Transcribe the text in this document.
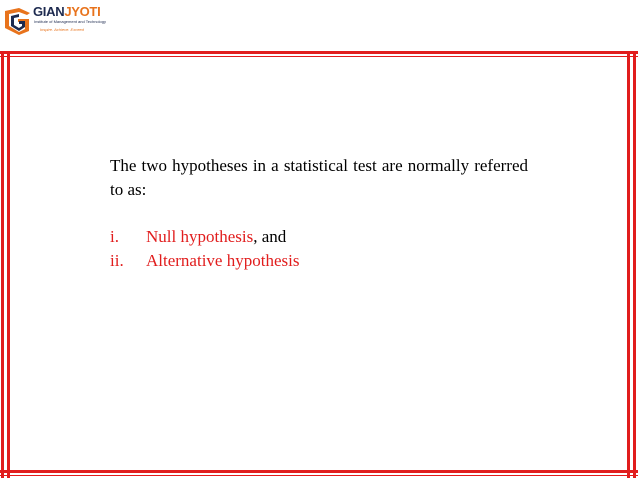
GIANJYOTI
Institute of Management and Technology
Inspire. Achieve. Exceed

The two hypotheses in a statistical test are normally referred to as:

i.	Null hypothesis, and
ii.	Alternative hypothesis
